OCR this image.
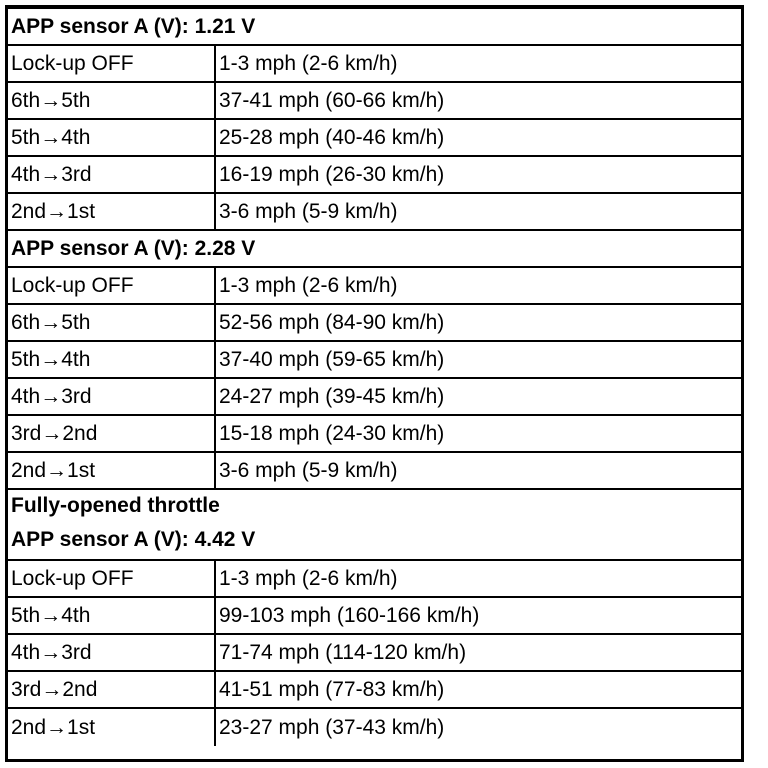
APP sensor A (V): 1.21 V
Lock-up OFF	1-3 mph (2-6 km/h)
6th→5th	37-41 mph (60-66 km/h)
5th→4th	25-28 mph (40-46 km/h)
4th→3rd	16-19 mph (26-30 km/h)
2nd→1st	3-6 mph (5-9 km/h)
APP sensor A (V): 2.28 V
Lock-up OFF	1-3 mph (2-6 km/h)
6th→5th	52-56 mph (84-90 km/h)
5th→4th	37-40 mph (59-65 km/h)
4th→3rd	24-27 mph (39-45 km/h)
3rd→2nd	15-18 mph (24-30 km/h)
2nd→1st	3-6 mph (5-9 km/h)
Fully-opened throttle
APP sensor A (V): 4.42 V
Lock-up OFF	1-3 mph (2-6 km/h)
5th→4th	99-103 mph (160-166 km/h)
4th→3rd	71-74 mph (114-120 km/h)
3rd→2nd	41-51 mph (77-83 km/h)
2nd→1st	23-27 mph (37-43 km/h)
